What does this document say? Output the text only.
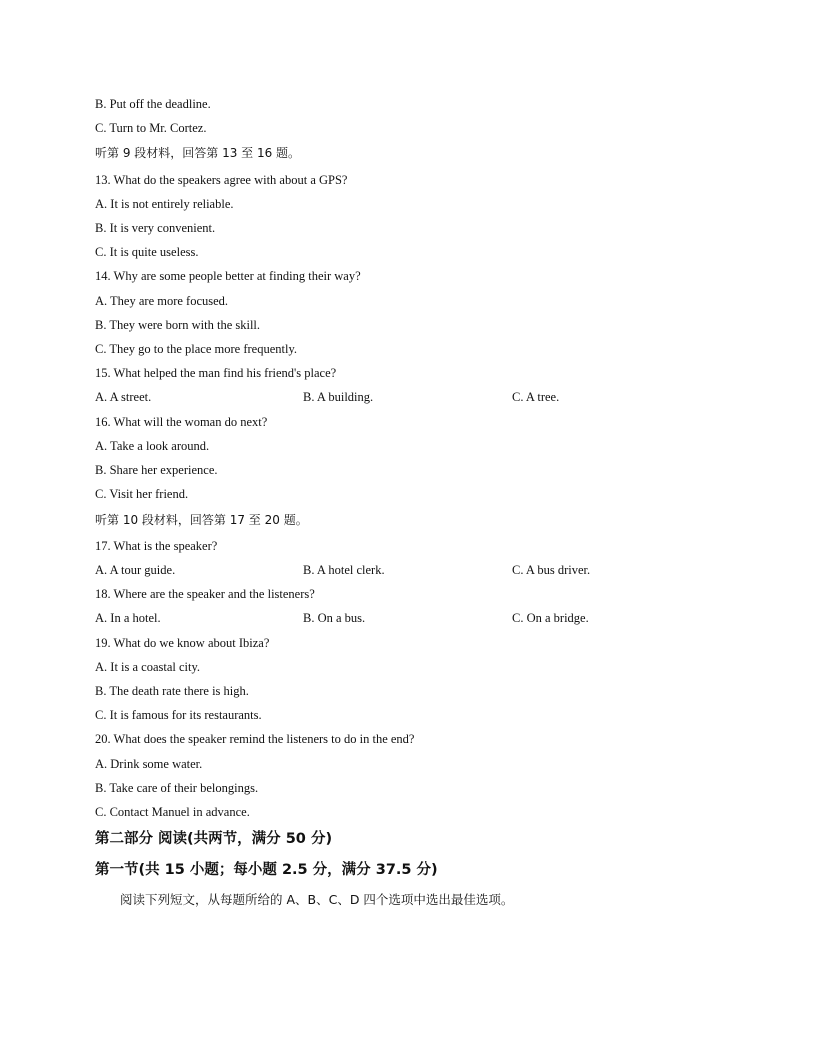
B. Put off the deadline.
C. Turn to Mr. Cortez.
听第 9 段材料，回答第 13 至 16 题。
13. What do the speakers agree with about a GPS?
A. It is not entirely reliable.
B. It is very convenient.
C. It is quite useless.
14. Why are some people better at finding their way?
A. They are more focused.
B. They were born with the skill.
C. They go to the place more frequently.
15. What helped the man find his friend's place?
A. A street.	B. A building.	C. A tree.
16. What will the woman do next?
A. Take a look around.
B. Share her experience.
C. Visit her friend.
听第 10 段材料，回答第 17 至 20 题。
17. What is the speaker?
A. A tour guide.	B. A hotel clerk.	C. A bus driver.
18. Where are the speaker and the listeners?
A. In a hotel.	B. On a bus.	C. On a bridge.
19. What do we know about Ibiza?
A. It is a coastal city.
B. The death rate there is high.
C. It is famous for its restaurants.
20. What does the speaker remind the listeners to do in the end?
A. Drink some water.
B. Take care of their belongings.
C. Contact Manuel in advance.
第二部分 阅读(共两节，满分 50 分)
第一节(共 15 小题；每小题 2.5 分，满分 37.5 分)
阅读下列短文，从每题所给的 A、B、C、D 四个选项中选出最佳选项。
